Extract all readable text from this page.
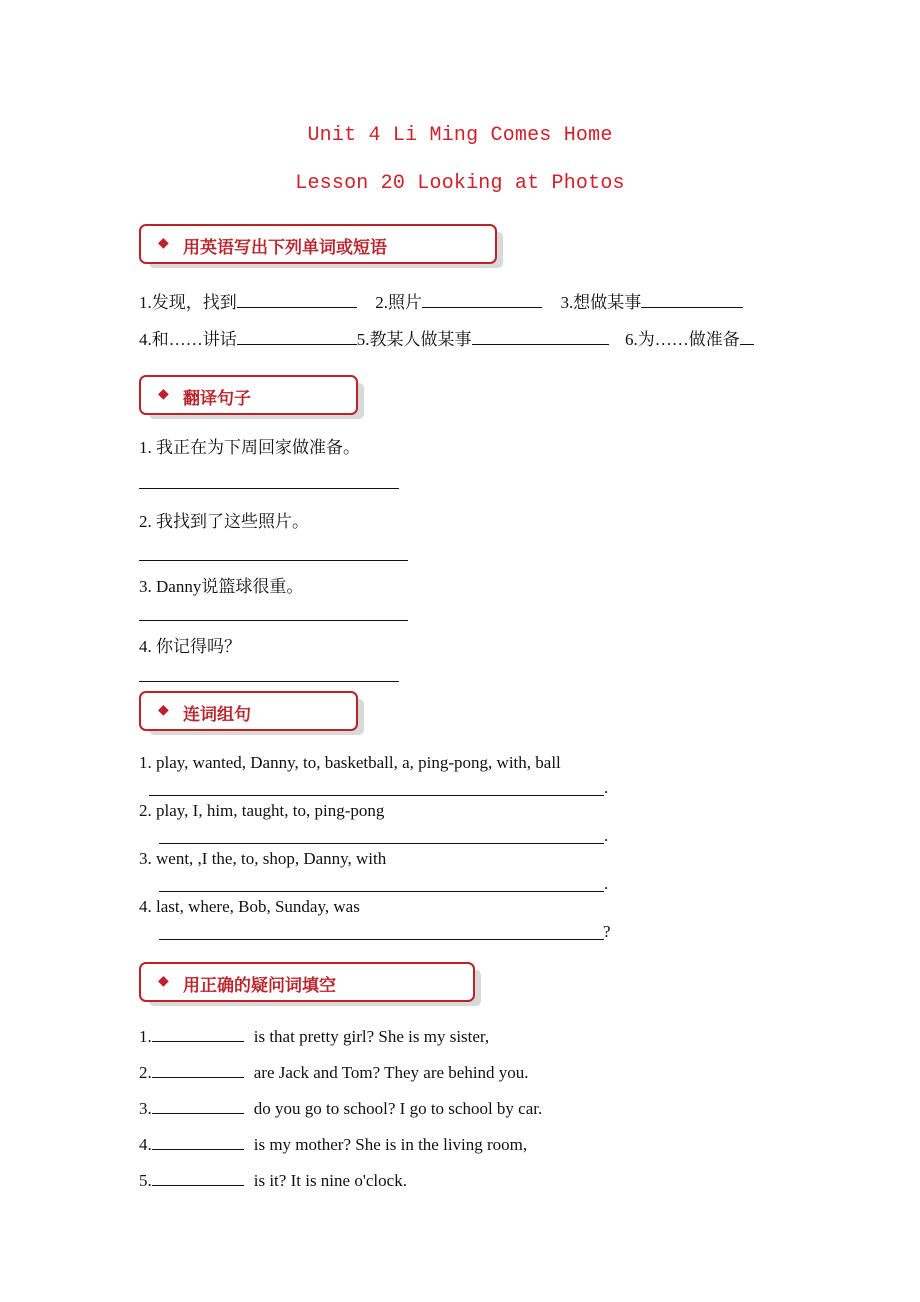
Unit 4 Li Ming Comes Home
Lesson 20 Looking at Photos
◆ 用英语写出下列单词或短语
1.发现，找到	2.照片	3.想做某事
4.和……讲话	5.教某人做某事	6.为……做准备
◆ 翻译句子
1. 我正在为下周回家做准备。
2. 我找到了这些照片。
3. Danny说篮球很重。
4. 你记得吗？
◆ 连词组句
1. play, wanted, Danny, to, basketball, a, ping-pong, with, ball
.
2. play, I, him, taught, to, ping-pong
.
3. went, ,I the, to, shop, Danny, with
.
4. last, where, Bob, Sunday, was
?
◆ 用正确的疑问词填空
1.	is that pretty girl? She is my sister,
2.	are Jack and Tom? They are behind you.
3.	do you go to school? I go to school by car.
4.	is my mother? She is in the living room,
5.	is it? It is nine o'clock.
